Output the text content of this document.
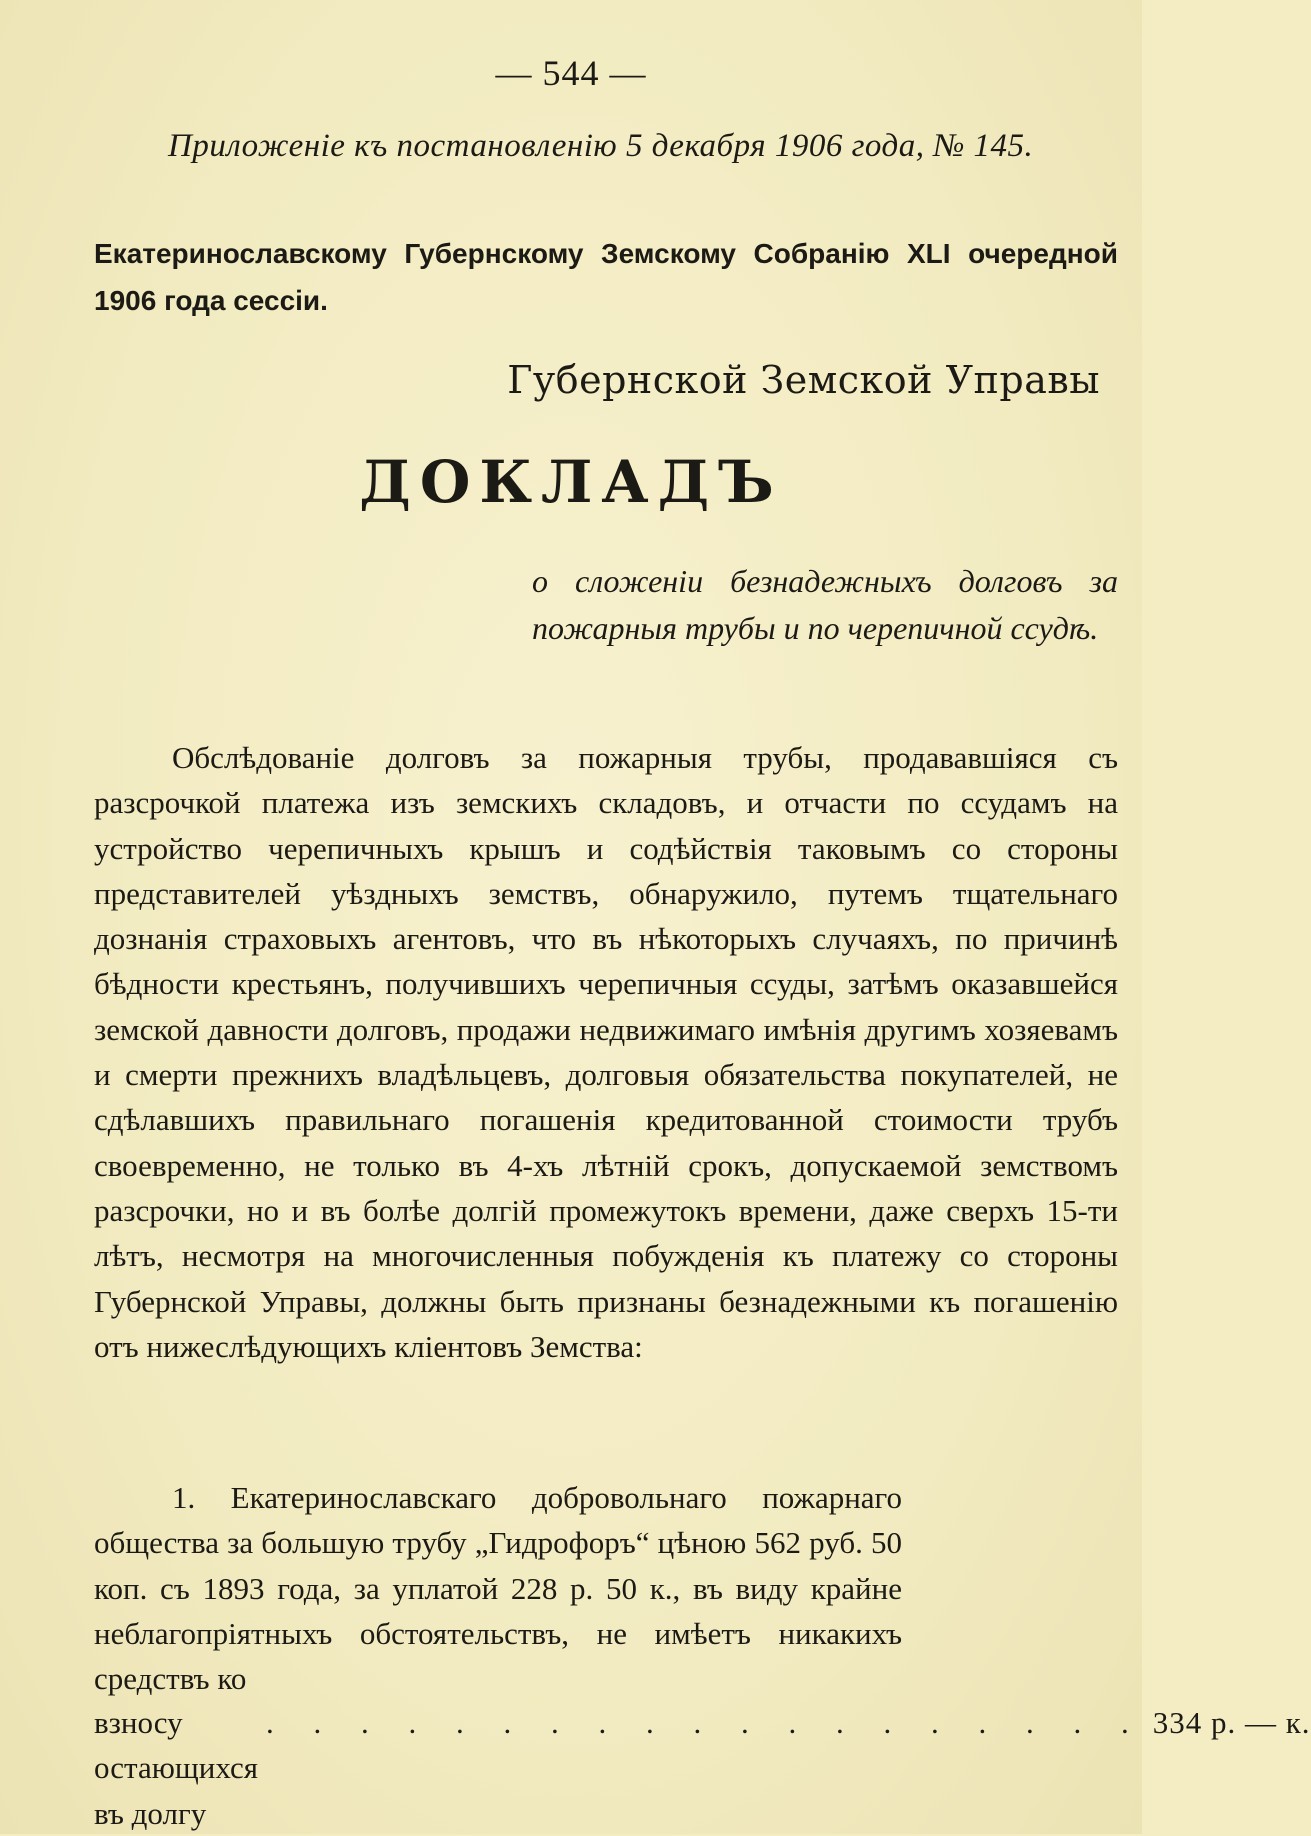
— 544 —
Приложеніе къ постановленію 5 декабря 1906 года, № 145.
Екатеринославскому Губернскому Земскому Собранію XLI очередной 1906 года сессіи.
Губернской Земской Управы
ДОКЛАДЪ
о сложеніи безнадежныхъ долговъ за пожарныя трубы и по черепичной ссудѣ.

Обслѣдованіе долговъ за пожарныя трубы, продававшіяся съ разсрочкой платежа изъ земскихъ складовъ, и отчасти по ссудамъ на устройство черепичныхъ крышъ и содѣйствія таковымъ со стороны представителей уѣздныхъ земствъ, обнаружило, путемъ тщательнаго дознанія страховыхъ агентовъ, что въ нѣкоторыхъ случаяхъ, по причинѣ бѣдности крестьянъ, получившихъ черепичныя ссуды, затѣмъ оказавшейся земской давности долговъ, продажи недвижимаго имѣнія другимъ хозяевамъ и смерти прежнихъ владѣльцевъ, долговыя обязательства покупателей, не сдѣлавшихъ правильнаго погашенія кредитованной стоимости трубъ своевременно, не только въ 4-хъ лѣтній срокъ, допускаемой земствомъ разсрочки, но и въ болѣе долгій промежутокъ времени, даже сверхъ 15-ти лѣтъ, несмотря на многочисленныя побужденія къ платежу со стороны Губернской Управы, должны быть признаны безнадежными къ погашенію отъ нижеслѣдующихъ кліентовъ Земства:

1. Екатеринославскаго добровольнаго пожарнаго общества за большую трубу „Гидрофоръ“ цѣною 562 руб. 50 коп. съ 1893 года, за уплатой 228 р. 50 к., въ виду крайне неблагопріятныхъ обстоятельствъ, не имѣетъ никакихъ средствъ ко

взносу остающихся въ долгу
. . . . . . . . . . . . . . . . . . . 334 р. — к.
